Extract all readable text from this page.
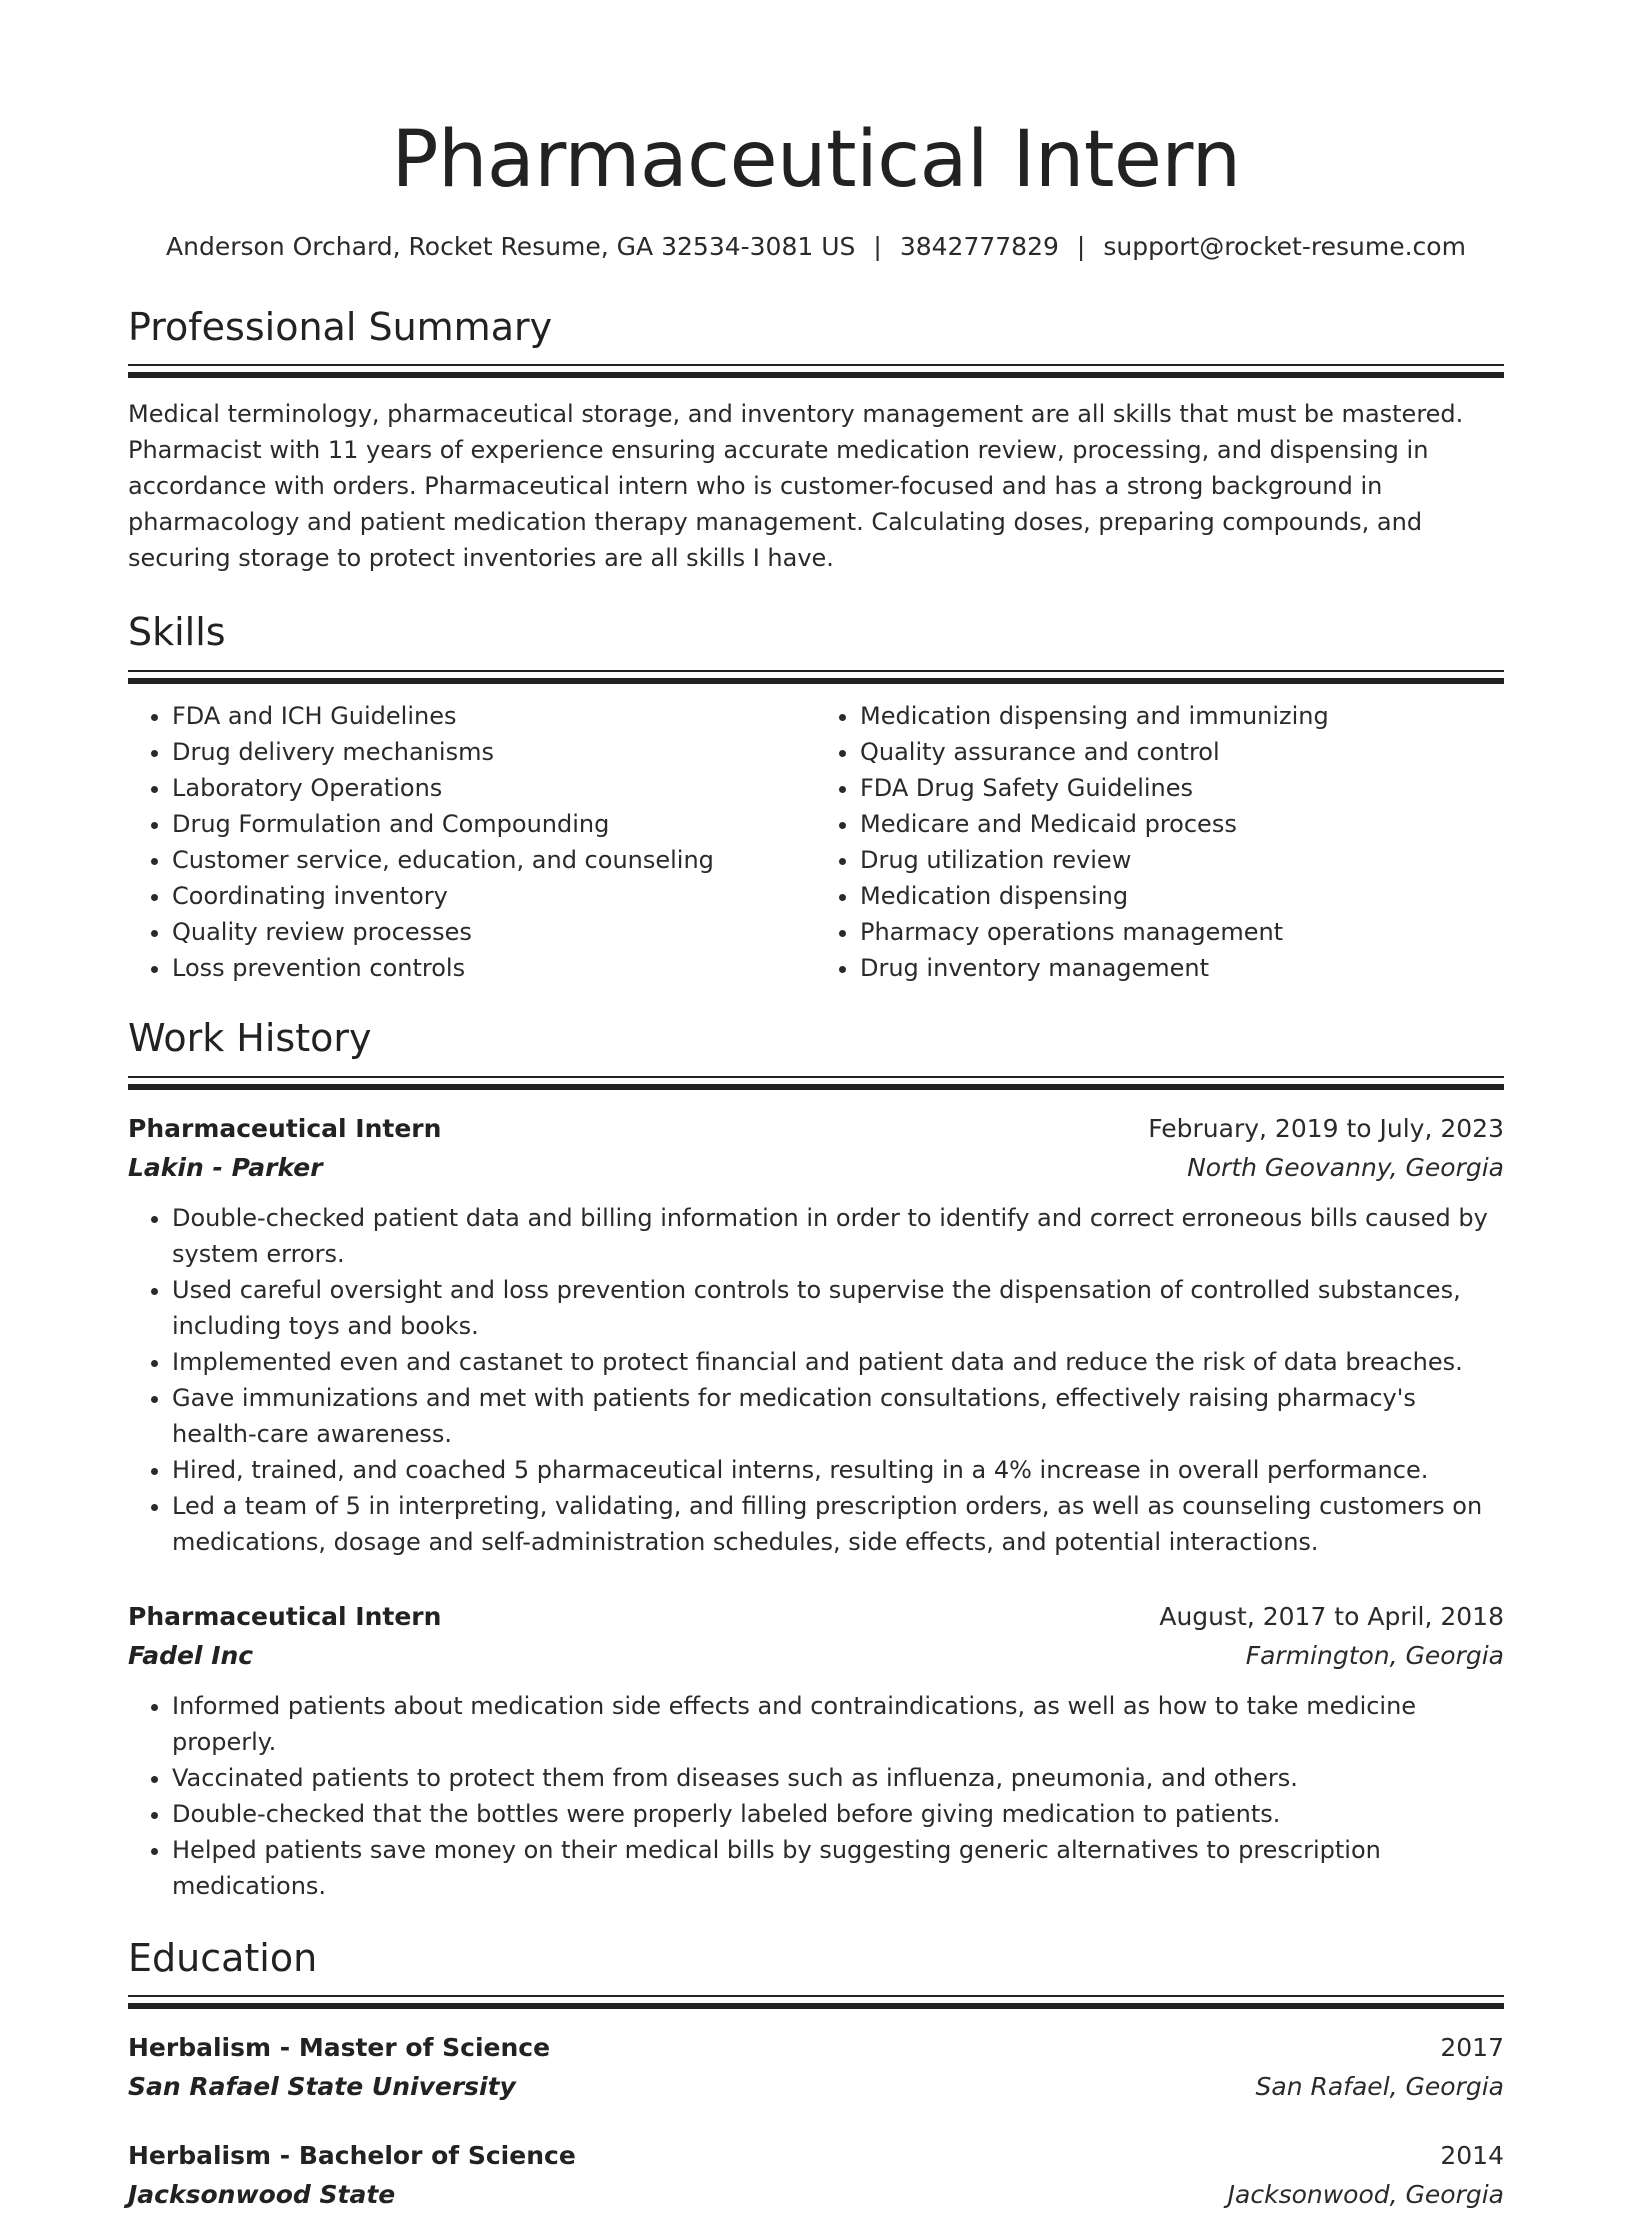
Pharmaceutical Intern
Anderson Orchard, Rocket Resume, GA 32534-3081 US | 3842777829 | support@rocket-resume.com
Professional Summary

Medical terminology, pharmaceutical storage, and inventory management are all skills that must be mastered. Pharmacist with 11 years of experience ensuring accurate medication review, processing, and dispensing in accordance with orders. Pharmaceutical intern who is customer-focused and has a strong background in pharmacology and patient medication therapy management. Calculating doses, preparing compounds, and securing storage to protect inventories are all skills I have.

Skills
• FDA and ICH Guidelines
• Drug delivery mechanisms
• Laboratory Operations
• Drug Formulation and Compounding
• Customer service, education, and counseling
• Coordinating inventory
• Quality review processes
• Loss prevention controls
• Medication dispensing and immunizing
• Quality assurance and control
• FDA Drug Safety Guidelines
• Medicare and Medicaid process
• Drug utilization review
• Medication dispensing
• Pharmacy operations management
• Drug inventory management
Work History
Pharmaceutical Intern	February, 2019 to July, 2023
Lakin - Parker	North Geovanny, Georgia
• Double-checked patient data and billing information in order to identify and correct erroneous bills caused by system errors.
• Used careful oversight and loss prevention controls to supervise the dispensation of controlled substances, including toys and books.
• Implemented even and castanet to protect financial and patient data and reduce the risk of data breaches.
• Gave immunizations and met with patients for medication consultations, effectively raising pharmacy's health-care awareness.
• Hired, trained, and coached 5 pharmaceutical interns, resulting in a 4% increase in overall performance.
• Led a team of 5 in interpreting, validating, and filling prescription orders, as well as counseling customers on medications, dosage and self-administration schedules, side effects, and potential interactions.
Pharmaceutical Intern	August, 2017 to April, 2018
Fadel Inc	Farmington, Georgia
• Informed patients about medication side effects and contraindications, as well as how to take medicine properly.
• Vaccinated patients to protect them from diseases such as influenza, pneumonia, and others.
• Double-checked that the bottles were properly labeled before giving medication to patients.
• Helped patients save money on their medical bills by suggesting generic alternatives to prescription medications.
Education
Herbalism - Master of Science	2017
San Rafael State University	San Rafael, Georgia
Herbalism - Bachelor of Science	2014
Jacksonwood State	Jacksonwood, Georgia
